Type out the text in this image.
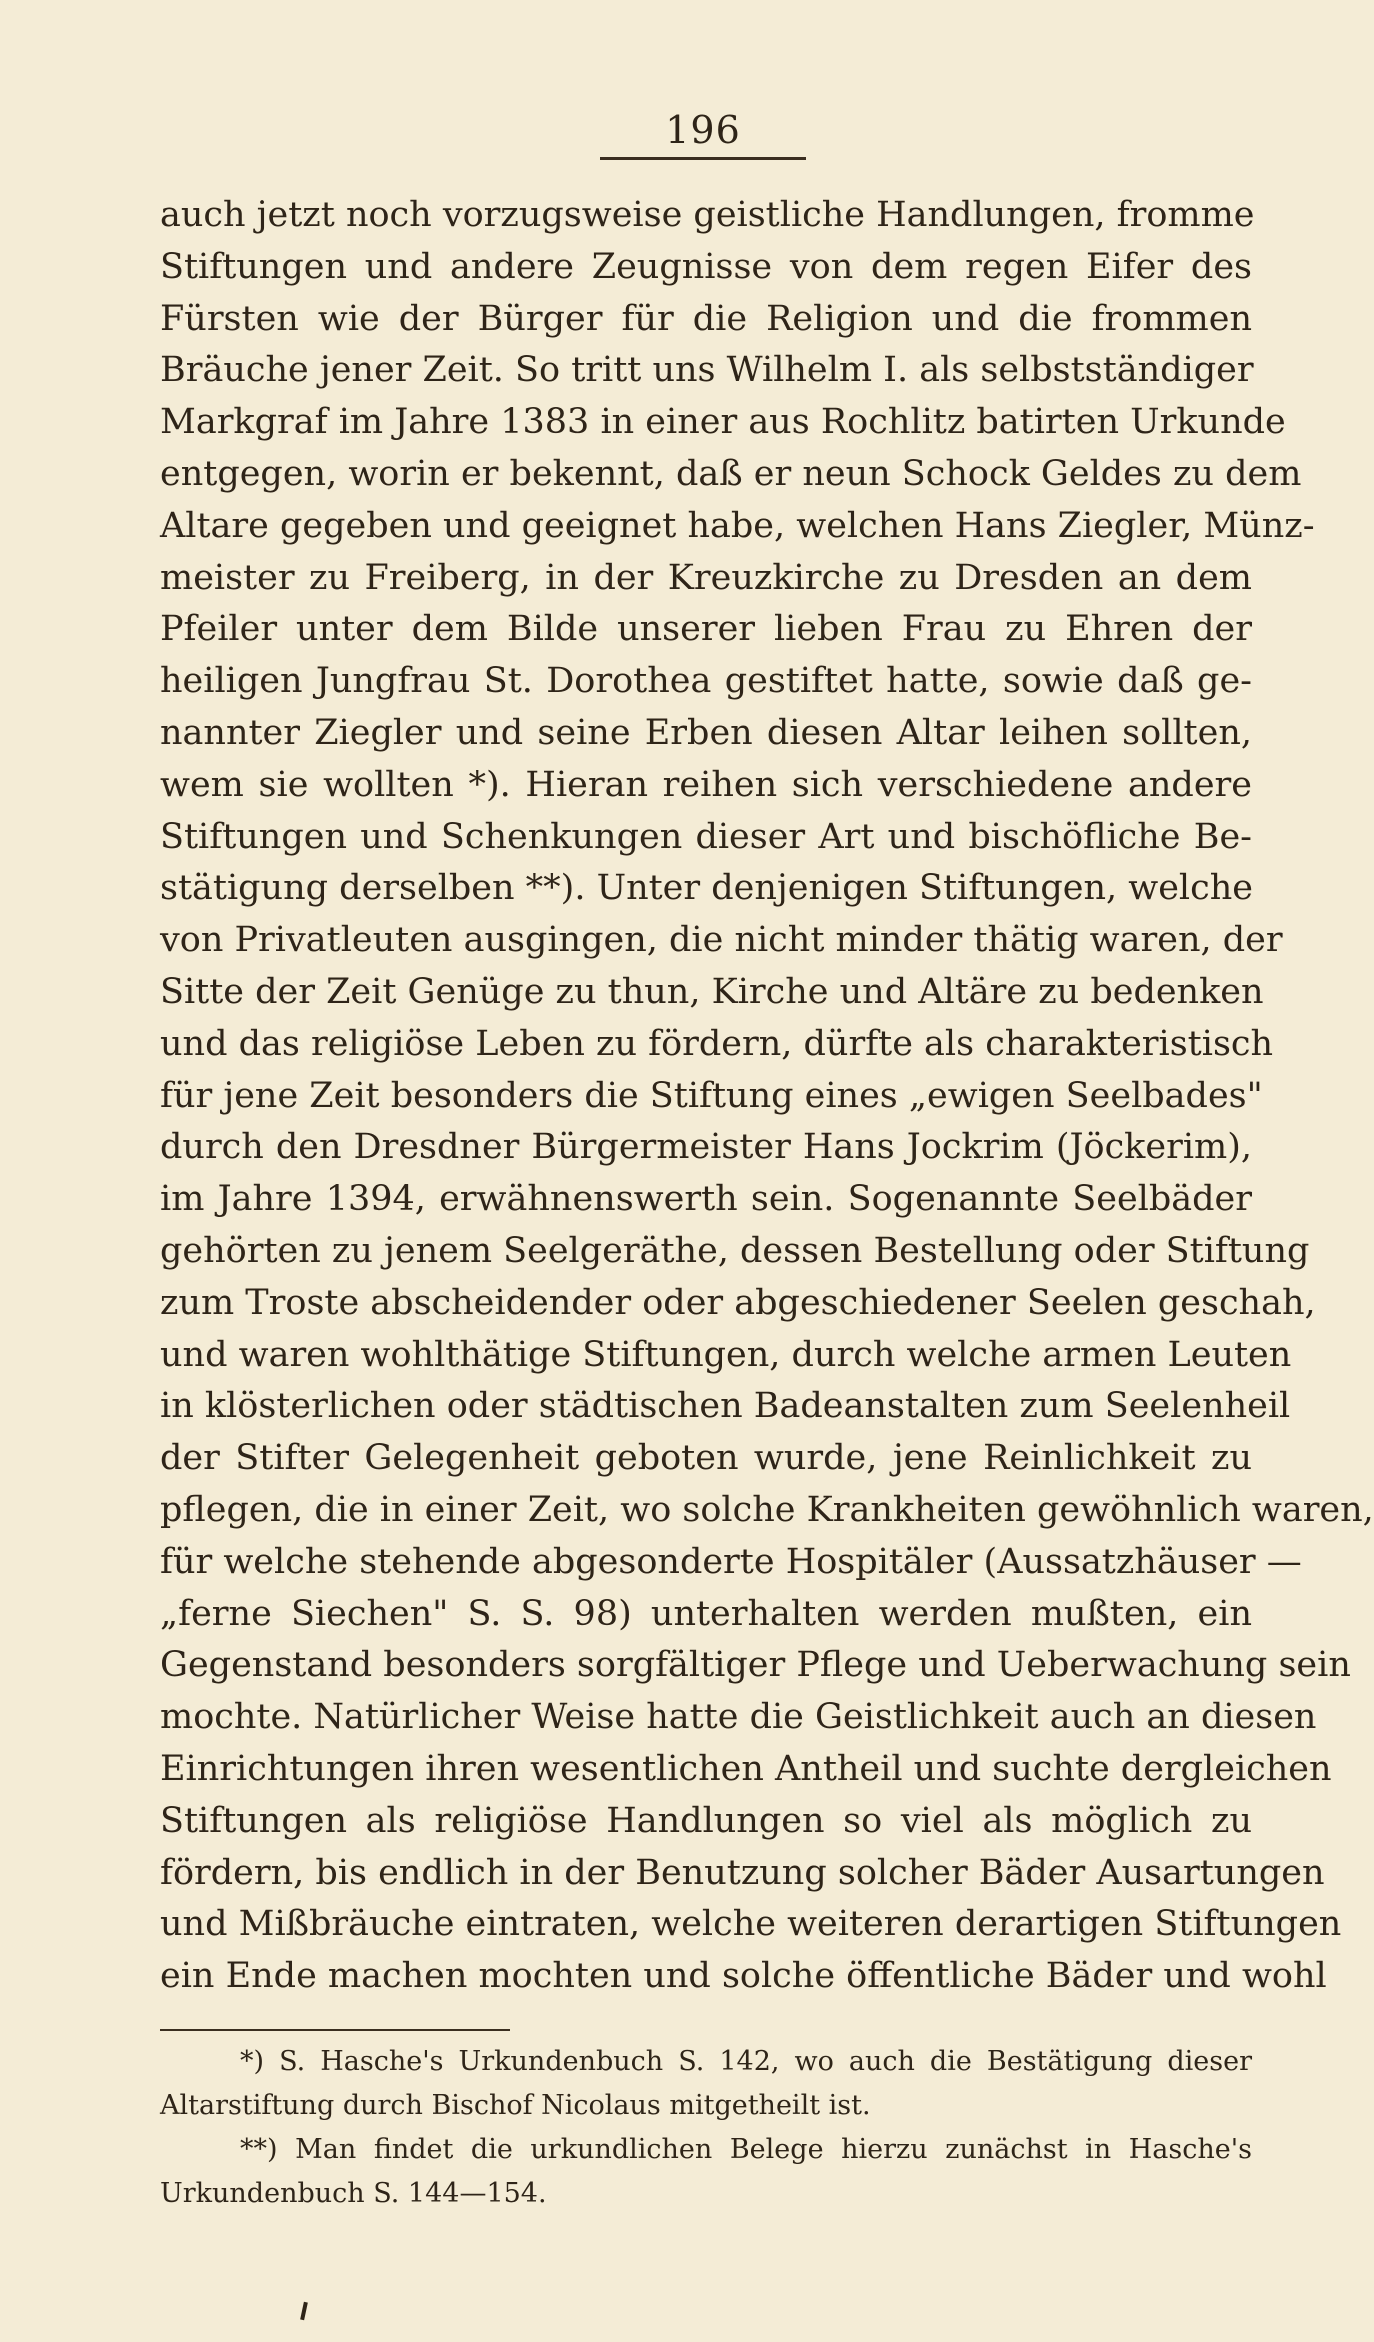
196
auch jetzt noch vorzugsweise geistliche Handlungen, fromme
Stiftungen und andere Zeugnisse von dem regen Eifer des
Fürsten wie der Bürger für die Religion und die frommen
Bräuche jener Zeit. So tritt uns Wilhelm I. als selbstständiger
Markgraf im Jahre 1383 in einer aus Rochlitz batirten Urkunde
entgegen, worin er bekennt, daß er neun Schock Geldes zu dem
Altare gegeben und geeignet habe, welchen Hans Ziegler, Münz-
meister zu Freiberg, in der Kreuzkirche zu Dresden an dem
Pfeiler unter dem Bilde unserer lieben Frau zu Ehren der
heiligen Jungfrau St. Dorothea gestiftet hatte, sowie daß ge-
nannter Ziegler und seine Erben diesen Altar leihen sollten,
wem sie wollten *). Hieran reihen sich verschiedene andere
Stiftungen und Schenkungen dieser Art und bischöfliche Be-
stätigung derselben **). Unter denjenigen Stiftungen, welche
von Privatleuten ausgingen, die nicht minder thätig waren, der
Sitte der Zeit Genüge zu thun, Kirche und Altäre zu bedenken
und das religiöse Leben zu fördern, dürfte als charakteristisch
für jene Zeit besonders die Stiftung eines „ewigen Seelbades"
durch den Dresdner Bürgermeister Hans Jockrim (Jöckerim),
im Jahre 1394, erwähnenswerth sein. Sogenannte Seelbäder
gehörten zu jenem Seelgeräthe, dessen Bestellung oder Stiftung
zum Troste abscheidender oder abgeschiedener Seelen geschah,
und waren wohlthätige Stiftungen, durch welche armen Leuten
in klösterlichen oder städtischen Badeanstalten zum Seelenheil
der Stifter Gelegenheit geboten wurde, jene Reinlichkeit zu
pflegen, die in einer Zeit, wo solche Krankheiten gewöhnlich waren,
für welche stehende abgesonderte Hospitäler (Aussatzhäuser —
„ferne Siechen" S. S. 98) unterhalten werden mußten, ein
Gegenstand besonders sorgfältiger Pflege und Ueberwachung sein
mochte. Natürlicher Weise hatte die Geistlichkeit auch an diesen
Einrichtungen ihren wesentlichen Antheil und suchte dergleichen
Stiftungen als religiöse Handlungen so viel als möglich zu
fördern, bis endlich in der Benutzung solcher Bäder Ausartungen
und Mißbräuche eintraten, welche weiteren derartigen Stiftungen
ein Ende machen mochten und solche öffentliche Bäder und wohl
*) S. Hasche's Urkundenbuch S. 142, wo auch die Bestätigung dieser
Altarstiftung durch Bischof Nicolaus mitgetheilt ist.
**) Man findet die urkundlichen Belege hierzu zunächst in Hasche's
Urkundenbuch S. 144—154.
